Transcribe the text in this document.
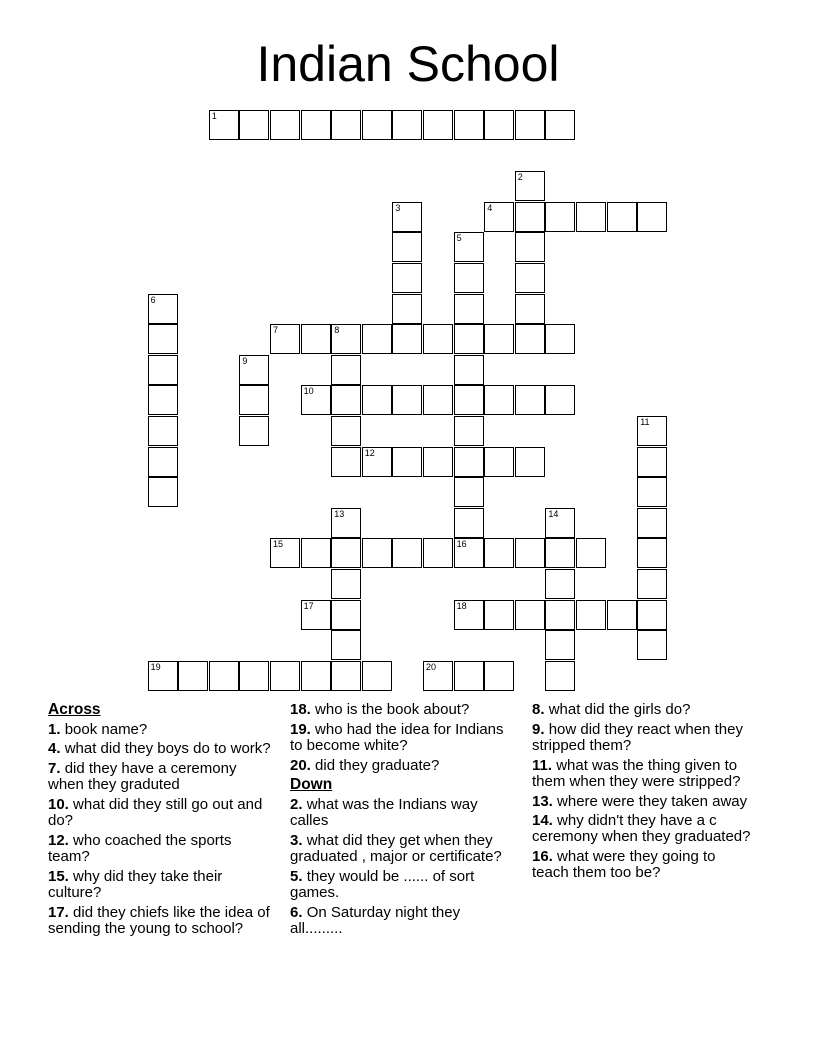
Indian School
1
2
3	4
5
6
7	8
9
10
11
12
13	14
15	16
17	18
19	20
Across
1. book name?
4. what did they boys do to work?
7. did they have a ceremony when they graduted
10. what did they still go out and do?
12. who coached the sports team?
15. why did they take their culture?
17. did they chiefs like the idea of sending the young to school?
18. who is the book about?
19. who had the idea for Indians to become white?
20. did they graduate?
Down
2. what was the Indians way calles
3. what did they get when they graduated , major or certificate?
5. they would be ...... of sort games.
6. On Saturday night they all.........
8. what did the girls do?
9. how did they react when they stripped them?
11. what was the thing given to them when they were stripped?
13. where were they taken away
14. why didn't they have a c ceremony when they graduated?
16. what were they going to teach them too be?
